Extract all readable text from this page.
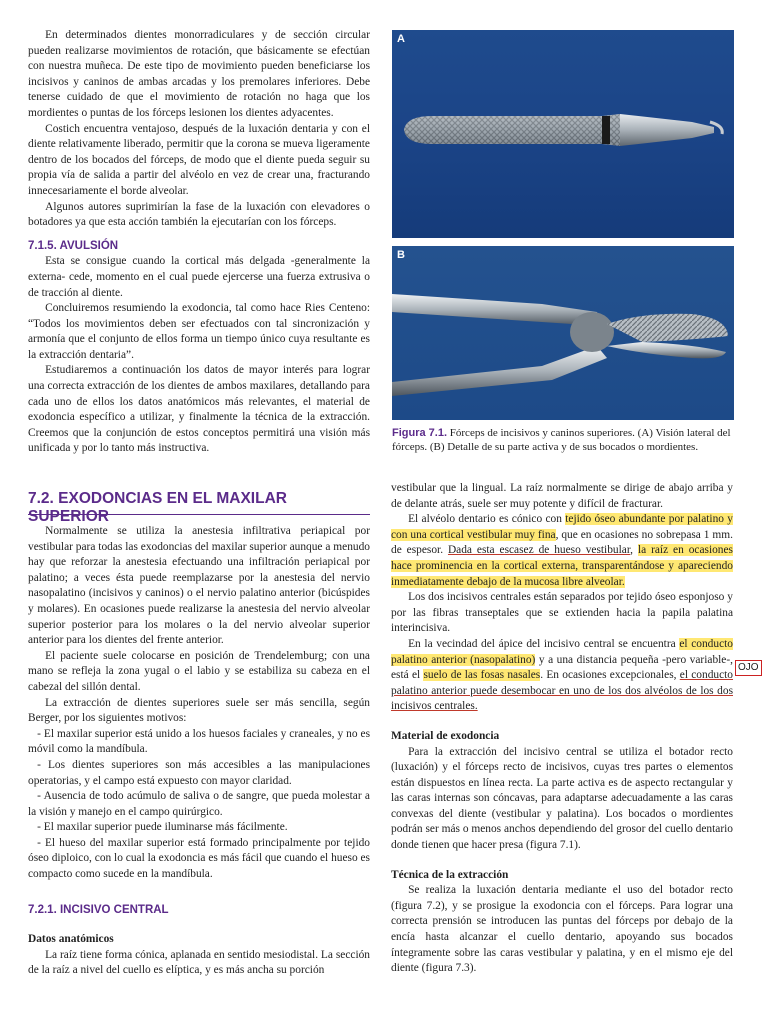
En determinados dientes monorradiculares y de sección circular pueden realizarse movimientos de rotación, que básicamente se efectúan con nuestra muñeca. De este tipo de movimiento pueden beneficiarse los incisivos y caninos de ambas arcadas y los premolares inferiores. Debe tenerse cuidado de que el movimiento de rotación no haga que los mordientes o puntas de los fórceps lesionen los dientes adyacentes.

Costich encuentra ventajoso, después de la luxación dentaria y con el diente relativamente liberado, permitir que la corona se mueva ligeramente dentro de los bocados del fórceps, de modo que el diente pueda seguir su propia vía de salida a partir del alvéolo en vez de crear una, fracturando innecesariamente el borde alveolar.

Algunos autores suprimirían la fase de la luxación con elevadores o botadores ya que esta acción también la ejecutarían con los fórceps.

7.1.5. AVULSIÓN

Esta se consigue cuando la cortical más delgada -generalmente la externa- cede, momento en el cual puede ejercerse una fuerza extrusiva o de tracción al diente.

Concluiremos resumiendo la exodoncia, tal como hace Ries Centeno: “Todos los movimientos deben ser efectuados con tal sincronización y armonía que el conjunto de ellos forma un tiempo único cuya resultante es la extracción dentaria”.

Estudiaremos a continuación los datos de mayor interés para lograr una correcta extracción de los dientes de ambos maxilares, detallando para cada uno de ellos los datos anatómicos más relevantes, el material de exodoncia específico a utilizar, y finalmente la técnica de la extracción. Creemos que la conjunción de estos conceptos permitirá una visión más unificada y por lo tanto más instructiva.

7.2. EXODONCIAS EN EL MAXILAR SUPERIOR

Normalmente se utiliza la anestesia infiltrativa periapical por vestibular para todas las exodoncias del maxilar superior aunque a menudo hay que reforzar la anestesia efectuando una infiltración periapical por palatino; a veces ésta puede reemplazarse por la anestesia del nervio nasopalatino (incisivos y caninos) o el nervio palatino anterior (bicúspides y molares). En ocasiones puede realizarse la anestesia del nervio alveolar superior posterior para los molares o la del nervio alveolar superior anterior para los dientes del frente anterior.

El paciente suele colocarse en posición de Trendelemburg; con una mano se refleja la zona yugal o el labio y se estabiliza su cabeza en el cabezal del sillón dental.

La extracción de dientes superiores suele ser más sencilla, según Berger, por los siguientes motivos:

- El maxilar superior está unido a los huesos faciales y craneales, y no es móvil como la mandíbula.

- Los dientes superiores son más accesibles a las manipulaciones operatorias, y el campo está expuesto con mayor claridad.

- Ausencia de todo acúmulo de saliva o de sangre, que pueda molestar a la visión y manejo en el campo quirúrgico.

- El maxilar superior puede iluminarse más fácilmente.

- El hueso del maxilar superior está formado principalmente por tejido óseo diploico, con lo cual la exodoncia es más fácil que cuando el hueso es compacto como sucede en la mandíbula.

7.2.1. INCISIVO CENTRAL

Datos anatómicos

La raíz tiene forma cónica, aplanada en sentido mesiodistal. La sección de la raíz a nivel del cuello es elíptica, y es más ancha su porción

A
B
Figura 7.1. Fórceps de incisivos y caninos superiores. (A) Visión lateral del fórceps. (B) Detalle de su parte activa y de sus bocados o mordientes.

vestibular que la lingual. La raíz normalmente se dirige de abajo arriba y de delante atrás, suele ser muy potente y difícil de fracturar.

El alvéolo dentario es cónico con tejido óseo abundante por palatino y con una cortical vestibular muy fina, que en ocasiones no sobrepasa 1 mm. de espesor. Dada esta escasez de hueso vestibular, la raíz en ocasiones hace prominencia en la cortical externa, transparentándose y apareciendo inmediatamente debajo de la mucosa libre alveolar.

Los dos incisivos centrales están separados por tejido óseo esponjoso y por las fibras transeptales que se extienden hacia la papila palatina interincisiva.

En la vecindad del ápice del incisivo central se encuentra el conducto palatino anterior (nasopalatino) y a una distancia pequeña -pero variable-, está el suelo de las fosas nasales. En ocasiones excepcionales, el conducto palatino anterior puede desembocar en uno de los dos alvéolos de los dos incisivos centrales.

Material de exodoncia

Para la extracción del incisivo central se utiliza el botador recto (luxación) y el fórceps recto de incisivos, cuyas tres partes o elementos están dispuestos en línea recta. La parte activa es de aspecto rectangular y las caras internas son cóncavas, para adaptarse adecuadamente a las caras convexas del diente (vestibular y palatina). Los bocados o mordientes podrán ser más o menos anchos dependiendo del grosor del cuello dentario donde tienen que hacer presa (figura 7.1).

Técnica de la extracción

Se realiza la luxación dentaria mediante el uso del botador recto (figura 7.2), y se prosigue la exodoncia con el fórceps. Para lograr una correcta prensión se introducen las puntas del fórceps por debajo de la encía hasta alcanzar el cuello dentario, apoyando sus bocados íntegramente sobre las caras vestibular y palatina, y en el mismo eje del diente (figura 7.3).

OJO
